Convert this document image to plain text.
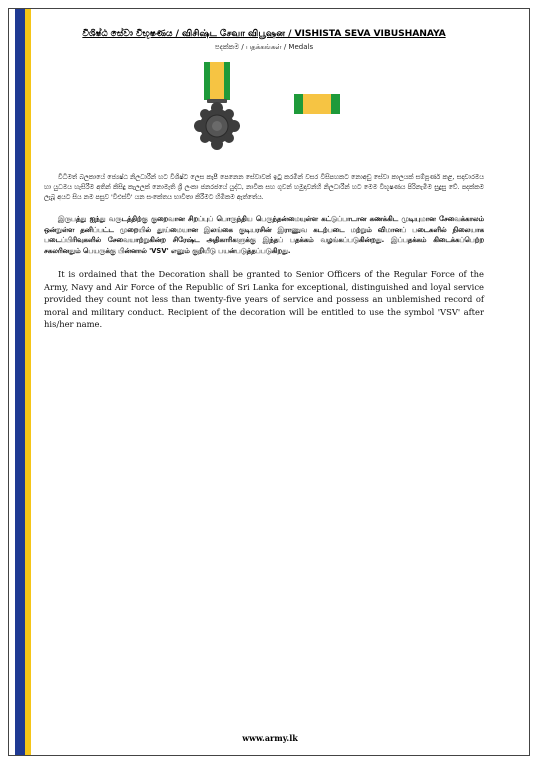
විශිෂ්ඨ සේවා විභූෂණය / விசிஷ்ட சேவா விபூஷன / VISHISTA SEVA VIBUSHANAYA
පදක්කම / பதக்கங்கள் / Medals

විධිමත් බලකායේ ජ්‍යෙෂ්ඨ නිලධාරීන් හට විශිෂ්ට ලෙස කැපී පෙනෙන සේවාවක් ඉටු කරමින් වසර විසිපහකට නොඅඩු සේවා කාලයක් සම්පූර්ණ කළ, සදාචාරමය හා යුධමය හැසිරීම අතින් කිසිදු කැලලක් නොමැති ශ්‍රී ලංකා ජනරජයේ යුද්ධ, නාවික සහ ගුවන් හමුදාවන්හි නිලධාරීන් හට මෙම විභූෂණය පිරිනැමීම සුදුසු වේ. පදක්කම ලැබූ අයට සිය නම පසුව 'වීඑස්වී' යන සංකේතය භාවිතා කිරීමට හිමිකම ඇත්තේය.

இருபத்து ஐந்து வருடத்திற்கு குறைவான சிறப்புப் பொருந்திய பெருந்தன்மையுள்ள கட்டுப்பாடான கணக்கிட முடியுமான சேவைக்காலம் ஒன்றுள்ள தனிப்பட்ட முறையில் தூய்மையான இலங்கை குடியரசின் இராணுவ கடற்படை மற்றும் விமானப் படைகளில் நிலையாக படைப்பிரிவுகளில் சேவையாற்றுகின்ற சிரேஷ்ட அதிகாரிகளுக்கு இந்தப் பதக்கம் வழங்கப்படுகின்றது. இப்பதக்கம் கிடைக்கப்பெற்ற சகலரினதும் பெயருக்கு பின்னால் 'VSV' எனும் குறியீடு பயன்படுத்தப்படுகிறது.

It is ordained that the Decoration shall be granted to Senior Officers of the Regular Force of the Army, Navy and Air Force of the Republic of Sri Lanka for exceptional, distinguished and loyal service provided they count not less than twenty-five years of service and possess an unblemished record of moral and military conduct. Recipient of the decoration will be entitled to use the symbol 'VSV' after his/her name.

www.army.lk
